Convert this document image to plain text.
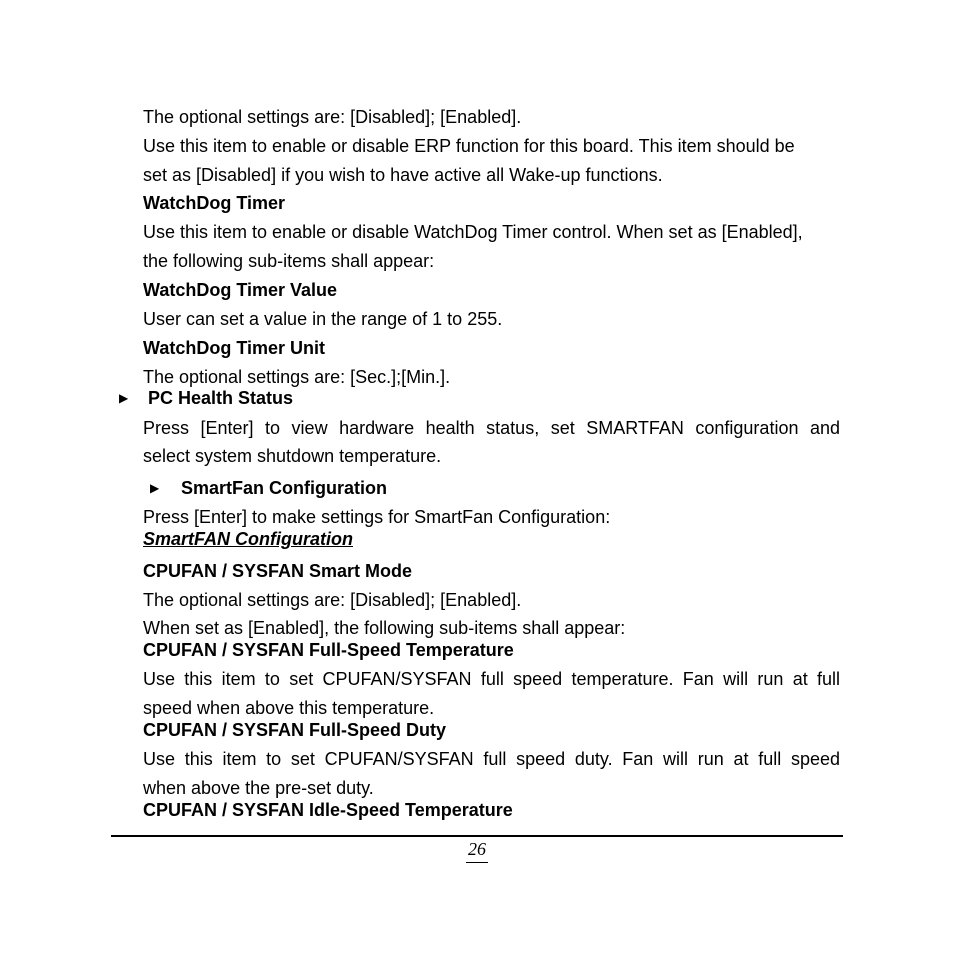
The optional settings are: [Disabled]; [Enabled].
Use this item to enable or disable ERP function for this board. This item should be
set as [Disabled] if you wish to have active all Wake-up functions.
WatchDog Timer
Use this item to enable or disable WatchDog Timer control. When set as [Enabled],
the following sub-items shall appear:
WatchDog Timer Value
User can set a value in the range of 1 to 255.
WatchDog Timer Unit
The optional settings are: [Sec.];[Min.].
▶ PC Health Status
Press [Enter] to view hardware health status, set SMARTFAN configuration and
select system shutdown temperature.
▶ SmartFan Configuration
Press [Enter] to make settings for SmartFan Configuration:
SmartFAN Configuration
CPUFAN / SYSFAN Smart Mode
The optional settings are: [Disabled]; [Enabled].
When set as [Enabled], the following sub-items shall appear:
CPUFAN / SYSFAN Full-Speed Temperature
Use this item to set CPUFAN/SYSFAN full speed temperature. Fan will run at full
speed when above this temperature.
CPUFAN / SYSFAN Full-Speed Duty
Use this item to set CPUFAN/SYSFAN full speed duty. Fan will run at full speed
when above the pre-set duty.
CPUFAN / SYSFAN Idle-Speed Temperature
26
